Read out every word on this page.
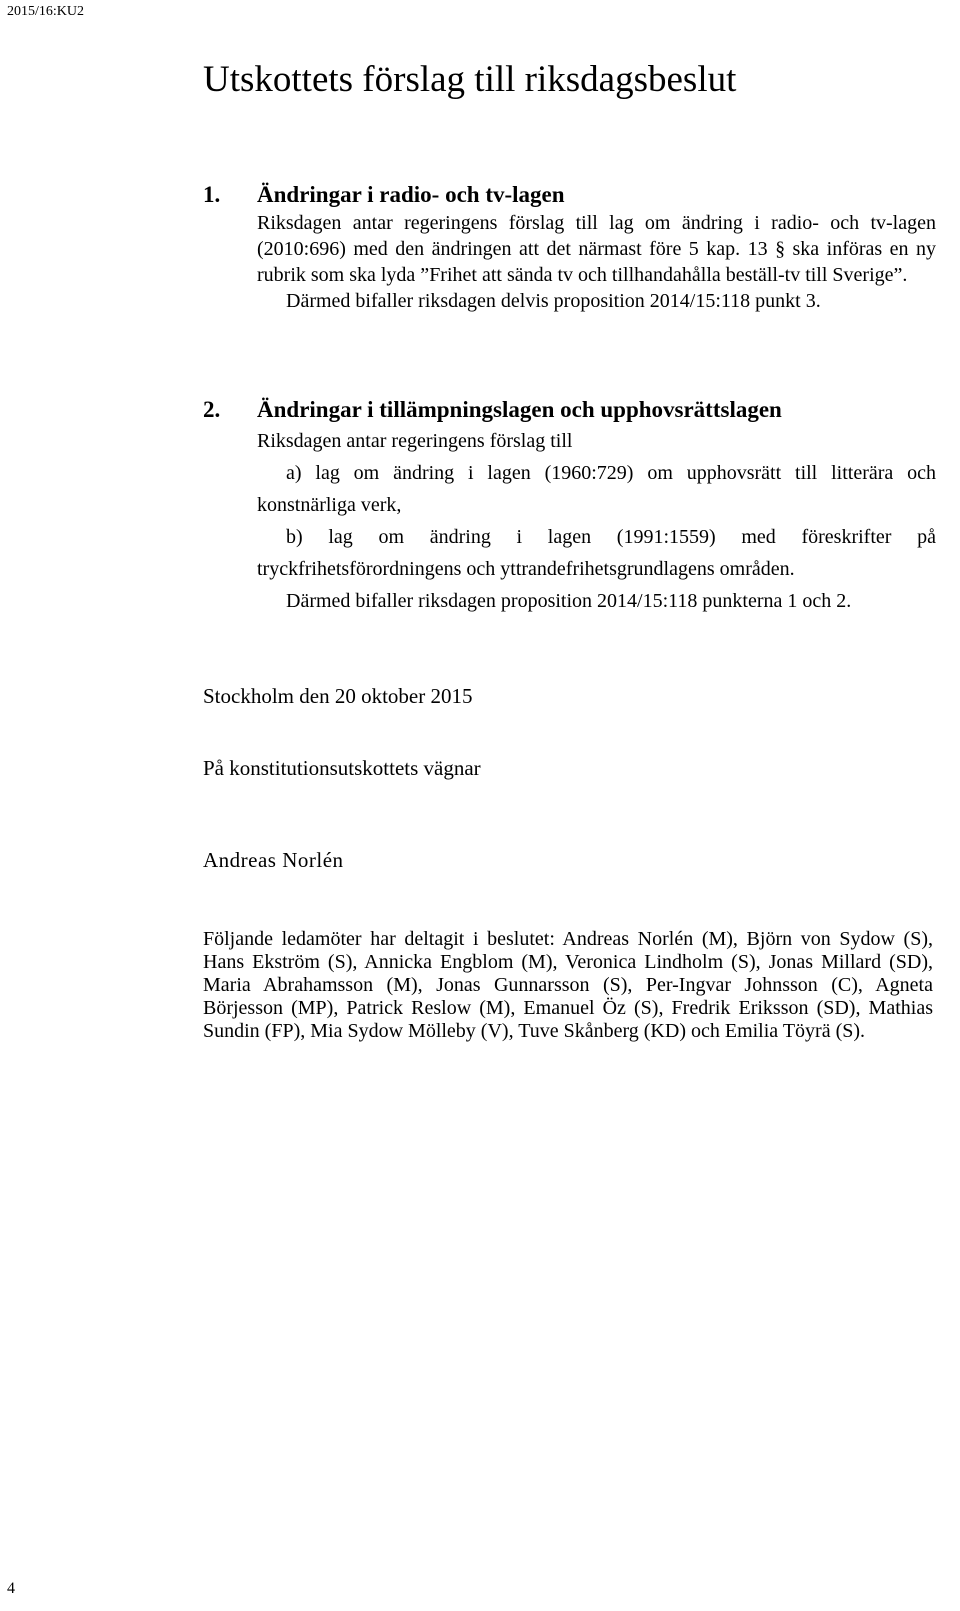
2015/16:KU2
Utskottets förslag till riksdagsbeslut
1.	Ändringar i radio- och tv-lagen

Riksdagen antar regeringens förslag till lag om ändring i radio- och tv-lagen (2010:696) med den ändringen att det närmast före 5 kap. 13 § ska införas en ny rubrik som ska lyda ”Frihet att sända tv och tillhandahålla beställ-tv till Sverige”.

Därmed bifaller riksdagen delvis proposition 2014/15:118 punkt 3.

2.	Ändringar i tillämpningslagen och upphovsrättslagen

Riksdagen antar regeringens förslag till

a) lag om ändring i lagen (1960:729) om upphovsrätt till litterära och konstnärliga verk,

b) lag om ändring i lagen (1991:1559) med föreskrifter på tryckfrihetsförordningens och yttrandefrihetsgrundlagens områden.

Därmed bifaller riksdagen proposition 2014/15:118 punkterna 1 och 2.

Stockholm den 20 oktober 2015
På konstitutionsutskottets vägnar
Andreas Norlén

Följande ledamöter har deltagit i beslutet: Andreas Norlén (M), Björn von Sydow (S), Hans Ekström (S), Annicka Engblom (M), Veronica Lindholm (S), Jonas Millard (SD), Maria Abrahamsson (M), Jonas Gunnarsson (S), Per-Ingvar Johnsson (C), Agneta Börjesson (MP), Patrick Reslow (M), Emanuel Öz (S), Fredrik Eriksson (SD), Mathias Sundin (FP), Mia Sydow Mölleby (V), Tuve Skånberg (KD) och Emilia Töyrä (S).

4
